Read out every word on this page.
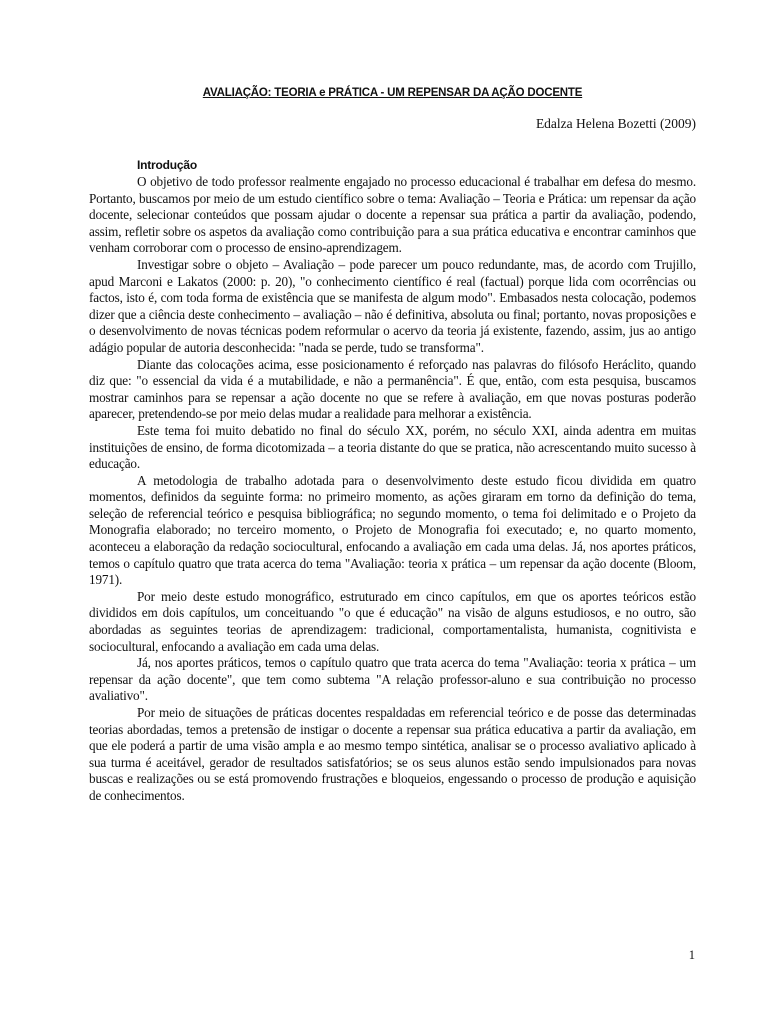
AVALIAÇÃO: TEORIA e PRÁTICA - UM REPENSAR DA AÇÃO DOCENTE
Edalza Helena Bozetti (2009)
Introdução

O objetivo de todo professor realmente engajado no processo educacional é trabalhar em defesa do mesmo. Portanto, buscamos por meio de um estudo científico sobre o tema: Avaliação – Teoria e Prática: um repensar da ação docente, selecionar conteúdos que possam ajudar o docente a repensar sua prática a partir da avaliação, podendo, assim, refletir sobre os aspetos da avaliação como contribuição para a sua prática educativa e encontrar caminhos que venham corroborar com o processo de ensino-aprendizagem.

Investigar sobre o objeto – Avaliação – pode parecer um pouco redundante, mas, de acordo com Trujillo, apud Marconi e Lakatos (2000: p. 20), "o conhecimento científico é real (factual) porque lida com ocorrências ou factos, isto é, com toda forma de existência que se manifesta de algum modo". Embasados nesta colocação, podemos dizer que a ciência deste conhecimento – avaliação – não é definitiva, absoluta ou final; portanto, novas proposições e o desenvolvimento de novas técnicas podem reformular o acervo da teoria já existente, fazendo, assim, jus ao antigo adágio popular de autoria desconhecida: "nada se perde, tudo se transforma".

Diante das colocações acima, esse posicionamento é reforçado nas palavras do filósofo Heráclito, quando diz que: "o essencial da vida é a mutabilidade, e não a permanência". É que, então, com esta pesquisa, buscamos mostrar caminhos para se repensar a ação docente no que se refere à avaliação, em que novas posturas poderão aparecer, pretendendo-se por meio delas mudar a realidade para melhorar a existência.

Este tema foi muito debatido no final do século XX, porém, no século XXI, ainda adentra em muitas instituições de ensino, de forma dicotomizada – a teoria distante do que se pratica, não acrescentando muito sucesso à educação.

A metodologia de trabalho adotada para o desenvolvimento deste estudo ficou dividida em quatro momentos, definidos da seguinte forma: no primeiro momento, as ações giraram em torno da definição do tema, seleção de referencial teórico e pesquisa bibliográfica; no segundo momento, o tema foi delimitado e o Projeto da Monografia elaborado; no terceiro momento, o Projeto de Monografia foi executado; e, no quarto momento, aconteceu a elaboração da redação sociocultural, enfocando a avaliação em cada uma delas. Já, nos aportes práticos, temos o capítulo quatro que trata acerca do tema "Avaliação: teoria x prática – um repensar da ação docente (Bloom, 1971).

Por meio deste estudo monográfico, estruturado em cinco capítulos, em que os aportes teóricos estão divididos em dois capítulos, um conceituando "o que é educação" na visão de alguns estudiosos, e no outro, são abordadas as seguintes teorias de aprendizagem: tradicional, comportamentalista, humanista, cognitivista e sociocultural, enfocando a avaliação em cada uma delas.

Já, nos aportes práticos, temos o capítulo quatro que trata acerca do tema "Avaliação: teoria x prática – um repensar da ação docente", que tem como subtema "A relação professor-aluno e sua contribuição no processo avaliativo".

Por meio de situações de práticas docentes respaldadas em referencial teórico e de posse das determinadas teorias abordadas, temos a pretensão de instigar o docente a repensar sua prática educativa a partir da avaliação, em que ele poderá a partir de uma visão ampla e ao mesmo tempo sintética, analisar se o processo avaliativo aplicado à sua turma é aceitável, gerador de resultados satisfatórios; se os seus alunos estão sendo impulsionados para novas buscas e realizações ou se está promovendo frustrações e bloqueios, engessando o processo de produção e aquisição de conhecimentos.

1
